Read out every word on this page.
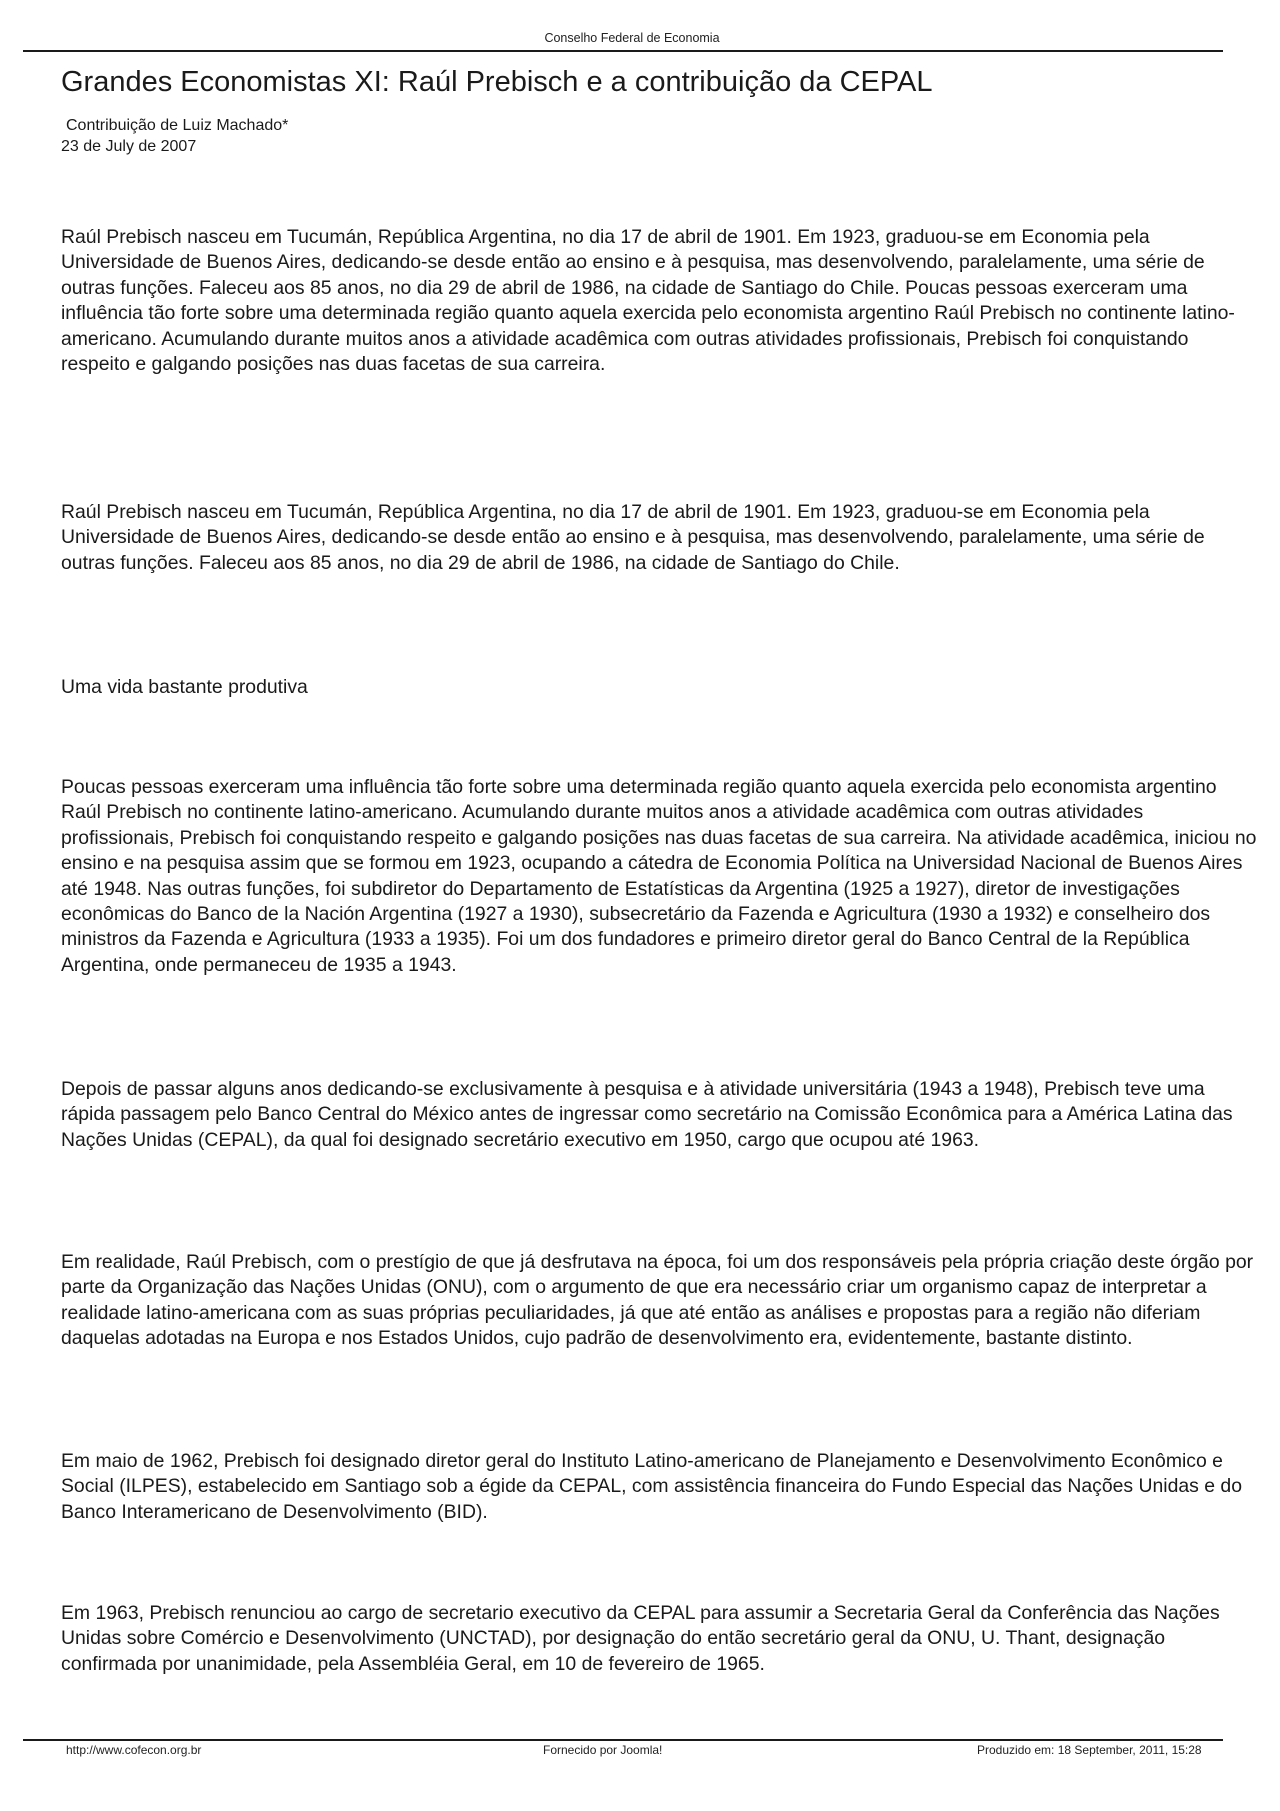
Conselho Federal de Economia
Grandes Economistas XI: Raúl Prebisch e a contribuição da CEPAL
Contribuição de Luiz Machado*
23 de July de 2007

Raúl Prebisch nasceu em Tucumán, República Argentina, no dia 17 de abril de 1901. Em 1923, graduou-se em Economia pela Universidade de Buenos Aires, dedicando-se desde então ao ensino e à pesquisa, mas desenvolvendo, paralelamente, uma série de outras funções. Faleceu aos 85 anos, no dia 29 de abril de 1986, na cidade de Santiago do Chile. Poucas pessoas exerceram uma influência tão forte sobre uma determinada região quanto aquela exercida pelo economista argentino Raúl Prebisch no continente latino-americano. Acumulando durante muitos anos a atividade acadêmica com outras atividades profissionais, Prebisch foi conquistando respeito e galgando posições nas duas facetas de sua carreira.

Raúl Prebisch nasceu em Tucumán, República Argentina, no dia 17 de abril de 1901. Em 1923, graduou-se em Economia pela Universidade de Buenos Aires, dedicando-se desde então ao ensino e à pesquisa, mas desenvolvendo, paralelamente, uma série de outras funções. Faleceu aos 85 anos, no dia 29 de abril de 1986, na cidade de Santiago do Chile.

Uma vida bastante produtiva

Poucas pessoas exerceram uma influência tão forte sobre uma determinada região quanto aquela exercida pelo economista argentino Raúl Prebisch no continente latino-americano. Acumulando durante muitos anos a atividade acadêmica com outras atividades profissionais, Prebisch foi conquistando respeito e galgando posições nas duas facetas de sua carreira. Na atividade acadêmica, iniciou no ensino e na pesquisa assim que se formou em 1923, ocupando a cátedra de Economia Política na Universidad Nacional de Buenos Aires até 1948. Nas outras funções, foi subdiretor do Departamento de Estatísticas da Argentina (1925 a 1927), diretor de investigações econômicas do Banco de la Nación Argentina (1927 a 1930), subsecretário da Fazenda e Agricultura (1930 a 1932) e conselheiro dos ministros da Fazenda e Agricultura (1933 a 1935). Foi um dos fundadores e primeiro diretor geral do Banco Central de la República Argentina, onde permaneceu de 1935 a 1943.

Depois de passar alguns anos dedicando-se exclusivamente à pesquisa e à atividade universitária (1943 a 1948), Prebisch teve uma rápida passagem pelo Banco Central do México antes de ingressar como secretário na Comissão Econômica para a América Latina das Nações Unidas (CEPAL), da qual foi designado secretário executivo em 1950, cargo que ocupou até 1963.

Em realidade, Raúl Prebisch, com o prestígio de que já desfrutava na época, foi um dos responsáveis pela própria criação deste órgão por parte da Organização das Nações Unidas (ONU), com o argumento de que era necessário criar um organismo capaz de interpretar a realidade latino-americana com as suas próprias peculiaridades, já que até então as análises e propostas para a região não diferiam daquelas adotadas na Europa e nos Estados Unidos, cujo padrão de desenvolvimento era, evidentemente, bastante distinto.

Em maio de 1962, Prebisch foi designado diretor geral do Instituto Latino-americano de Planejamento e Desenvolvimento Econômico e Social (ILPES), estabelecido em Santiago sob a égide da CEPAL, com assistência financeira do Fundo Especial das Nações Unidas e do Banco Interamericano de Desenvolvimento (BID).

Em 1963, Prebisch renunciou ao cargo de secretario executivo da CEPAL para assumir a Secretaria Geral da Conferência das Nações Unidas sobre Comércio e Desenvolvimento (UNCTAD), por designação do então secretário geral da ONU, U. Thant, designação confirmada por unanimidade, pela Assembléia Geral, em 10 de fevereiro de 1965.

http://www.cofecon.org.br	Fornecido por Joomla!	Produzido em: 18 September, 2011, 15:28
